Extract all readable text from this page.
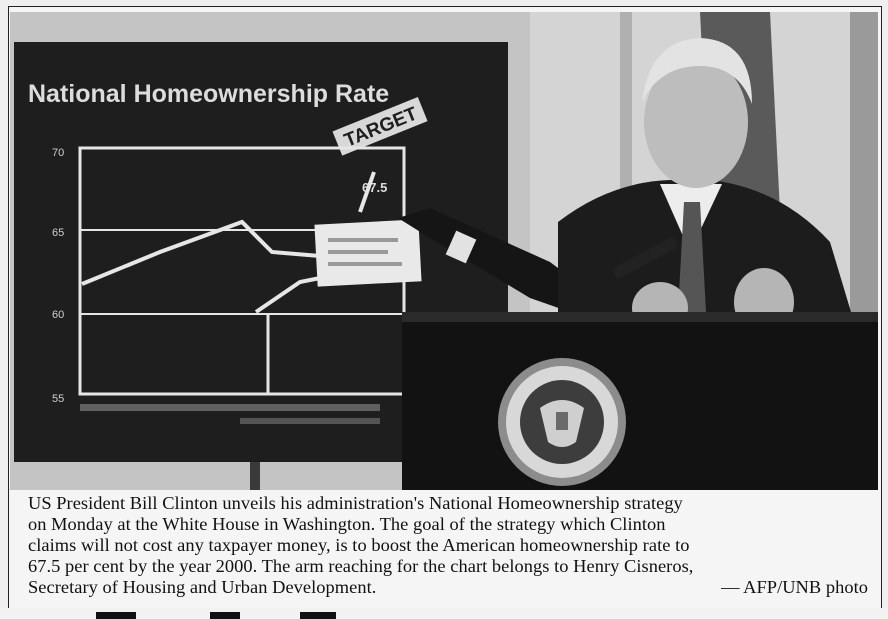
National Homeownership Rate
TARGET
67.5
70
65
60
55
US President Bill Clinton unveils his administration's National Homeownership strategy
on Monday at the White House in Washington. The goal of the strategy which Clinton
claims will not cost any taxpayer money, is to boost the American homeownership rate to
67.5 per cent by the year 2000. The arm reaching for the chart belongs to Henry Cisneros,
Secretary of Housing and Urban Development.	— AFP/UNB photo
